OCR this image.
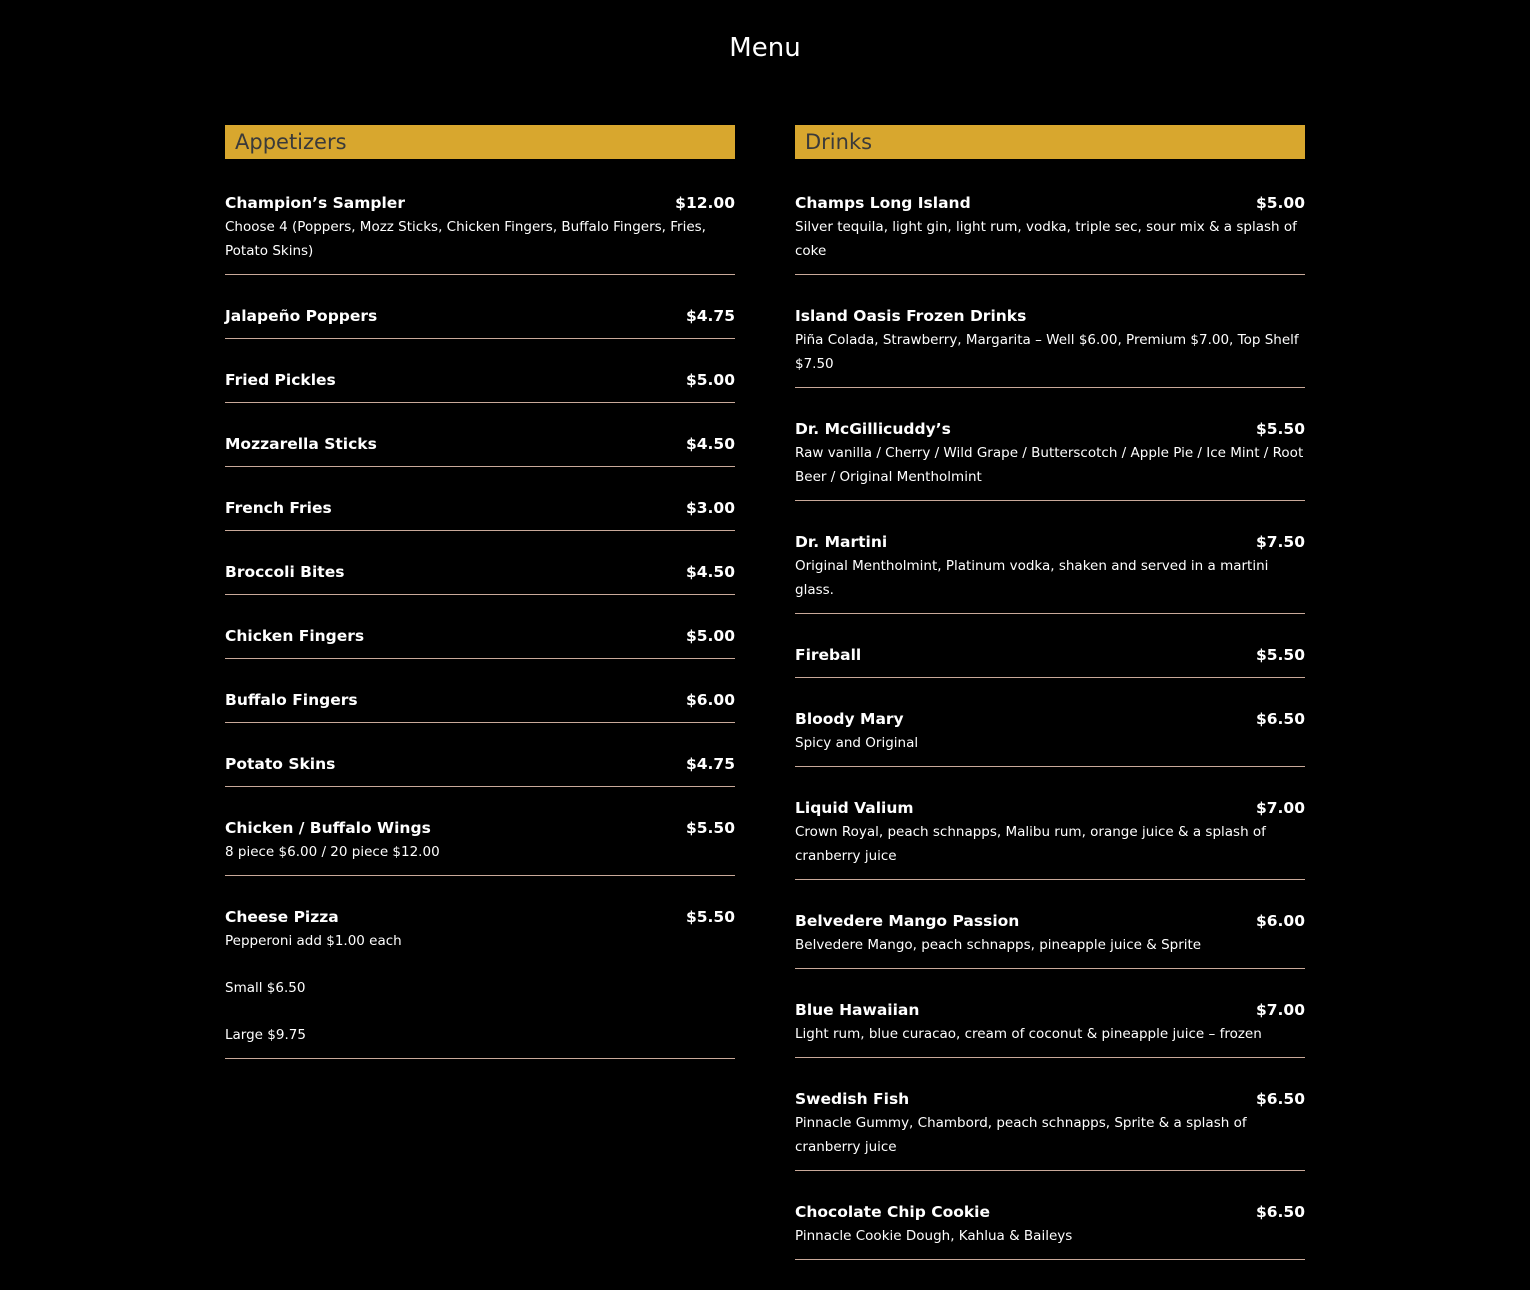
Menu
Appetizers
Champion’s Sampler	$12.00
Choose 4 (Poppers, Mozz Sticks, Chicken Fingers, Buffalo Fingers, Fries, Potato Skins)
Jalapeño Poppers	$4.75
Fried Pickles	$5.00
Mozzarella Sticks	$4.50
French Fries	$3.00
Broccoli Bites	$4.50
Chicken Fingers	$5.00
Buffalo Fingers	$6.00
Potato Skins	$4.75
Chicken / Buffalo Wings	$5.50
8 piece $6.00 / 20 piece $12.00
Cheese Pizza	$5.50
Pepperoni add $1.00 each
Small $6.50
Large $9.75
Drinks
Champs Long Island	$5.00
Silver tequila, light gin, light rum, vodka, triple sec, sour mix & a splash of coke
Island Oasis Frozen Drinks
Piña Colada, Strawberry, Margarita – Well $6.00, Premium $7.00, Top Shelf $7.50
Dr. McGillicuddy’s	$5.50
Raw vanilla / Cherry / Wild Grape / Butterscotch / Apple Pie / Ice Mint / Root Beer / Original Mentholmint
Dr. Martini	$7.50
Original Mentholmint, Platinum vodka, shaken and served in a martini glass.
Fireball	$5.50
Bloody Mary	$6.50
Spicy and Original
Liquid Valium	$7.00
Crown Royal, peach schnapps, Malibu rum, orange juice & a splash of cranberry juice
Belvedere Mango Passion	$6.00
Belvedere Mango, peach schnapps, pineapple juice & Sprite
Blue Hawaiian	$7.00
Light rum, blue curacao, cream of coconut & pineapple juice – frozen
Swedish Fish	$6.50
Pinnacle Gummy, Chambord, peach schnapps, Sprite & a splash of cranberry juice
Chocolate Chip Cookie	$6.50
Pinnacle Cookie Dough, Kahlua & Baileys
